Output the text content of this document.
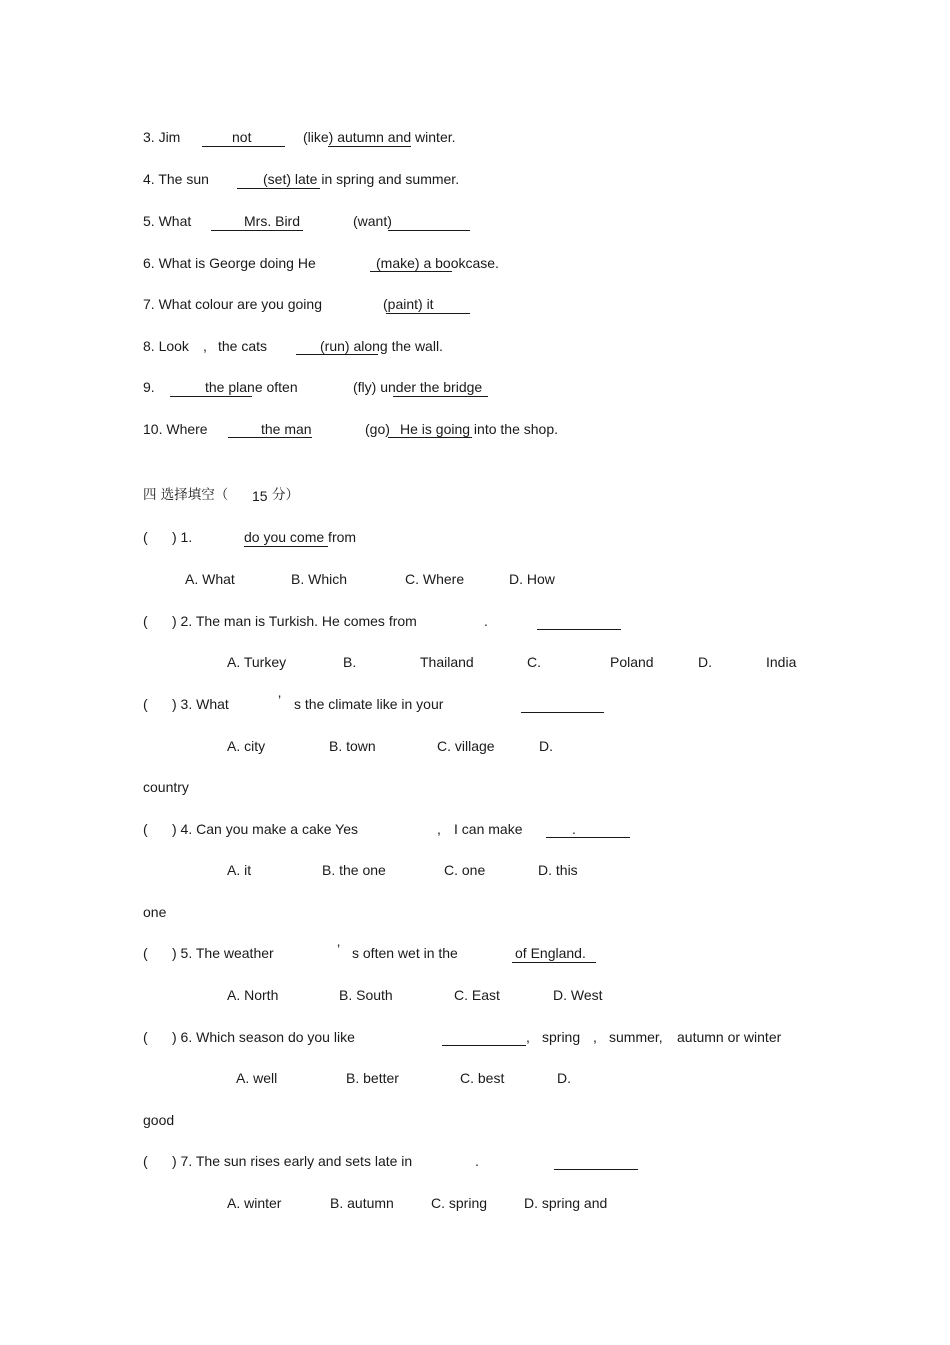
3. Jim	not	(like) autumn and winter.
4. The sun	(set) late in spring and summer.
5. What	Mrs. Bird	(want)
6. What is George doing He	(make) a bookcase.
7. What colour are you going	(paint) it
8. Look , the cats	(run) along the wall.
9.	the plane often	(fly) under the bridge
10. Where	the man	(go) He is going into the shop.
四 选择填空（ 15 分）
( ) 1.	do you come from
A. What	B. Which	C. Where	D. How
( ) 2. The man is Turkish. He comes from	.
A. Turkey	B.	Thailand	C.	Poland	D.	India
( ) 3. What	’ s the climate like in your
A. city	B. town	C. village	D.
country
( ) 4. Can you make a cake Yes	, I can make	.
A. it	B. the one	C. one	D. this
one
( ) 5. The weather	’ s often wet in the	of England.
A. North	B. South	C. East	D. West
( ) 6. Which season do you like	, spring , summer, autumn or winter
A. well	B. better	C. best	D.
good
( ) 7. The sun rises early and sets late in	.
A. winter	B. autumn	C. spring	D. spring and
